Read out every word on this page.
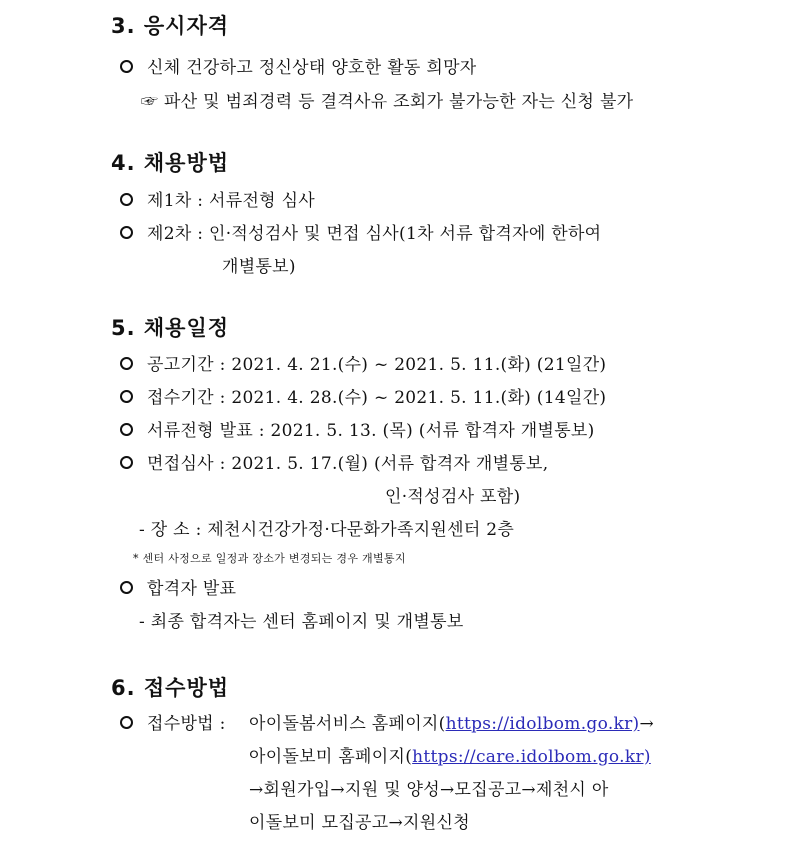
3. 응시자격
신체 건강하고 정신상태 양호한 활동 희망자
☞ 파산 및 범죄경력 등 결격사유 조회가 불가능한 자는 신청 불가
4. 채용방법
제1차 : 서류전형 심사
제2차 : 인·적성검사 및 면접 심사(1차 서류 합격자에 한하여
개별통보)
5. 채용일정
공고기간 : 2021. 4. 21.(수) ~ 2021. 5. 11.(화) (21일간)
접수기간 : 2021. 4. 28.(수) ~ 2021. 5. 11.(화) (14일간)
서류전형 발표 : 2021. 5. 13. (목) (서류 합격자 개별통보)
면접심사 : 2021. 5. 17.(월) (서류 합격자 개별통보,
인·적성검사 포함)
- 장 소 : 제천시건강가정·다문화가족지원센터 2층
* 센터 사정으로 일정과 장소가 변경되는 경우 개별통지
합격자 발표
- 최종 합격자는 센터 홈페이지 및 개별통보
6. 접수방법
접수방법 : 아이돌봄서비스 홈페이지(https://idolbom.go.kr)→
아이돌보미 홈페이지(https://care.idolbom.go.kr)
→회원가입→지원 및 양성→모집공고→제천시 아
이돌보미 모집공고→지원신청
